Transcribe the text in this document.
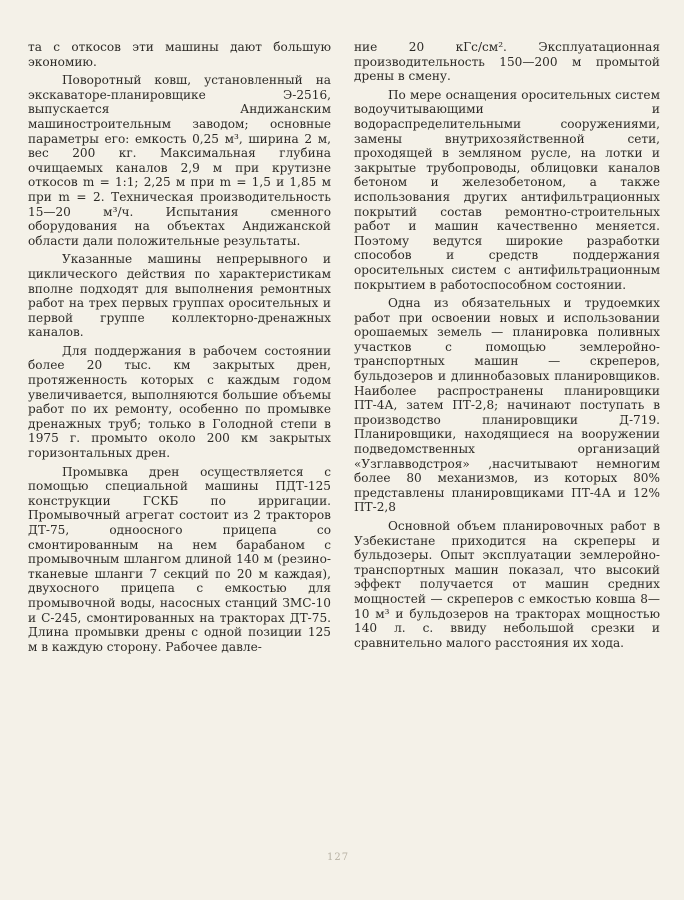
та с откосов эти машины дают большую экономию.

Поворотный ковш, установленный на экскаваторе-планировщике Э-2516, выпускается Андижанским машиностроительным заводом; основные параметры его: емкость 0,25 м³, ширина 2 м, вес 200 кг. Максимальная глубина очищаемых каналов 2,9 м при крутизне откосов m = 1:1; 2,25 м при m = 1,5 и 1,85 м при m = 2. Техническая производительность 15—20 м³/ч. Испытания сменного оборудования на объектах Андижанской области дали положительные результаты.

Указанные машины непрерывного и циклического действия по характеристикам вполне подходят для выполнения ремонтных работ на трех первых группах оросительных и первой группе коллекторно-дренажных каналов.

Для поддержания в рабочем состоянии более 20 тыс. км закрытых дрен, протяженность которых с каждым годом увеличивается, выполняются большие объемы работ по их ремонту, особенно по промывке дренажных труб; только в Голодной степи в 1975 г. промыто около 200 км закрытых горизонтальных дрен.

Промывка дрен осуществляется с помощью специальной машины ПДТ-125 конструкции ГСКБ по ирригации. Промывочный агрегат состоит из 2 тракторов ДТ-75, одноосного прицепа со смонтированным на нем барабаном с промывочным шлангом длиной 140 м (резино-тканевые шланги 7 секций по 20 м каждая), двухосного прицепа с емкостью для промывочной воды, насосных станций ЗМС-10 и С-245, смонтированных на тракторах ДТ-75. Длина промывки дрены с одной позиции 125 м в каждую сторону. Рабочее давле-

ние 20 кГс/см². Эксплуатационная производительность 150—200 м промытой дрены в смену.

По мере оснащения оросительных систем водоучитывающими и водораспределительными сооружениями, замены внутрихозяйственной сети, проходящей в земляном русле, на лотки и закрытые трубопроводы, облицовки каналов бетоном и железобетоном, а также использования других антифильтрационных покрытий состав ремонтно-строительных работ и машин качественно меняется. Поэтому ведутся широкие разработки способов и средств поддержания оросительных систем с антифильтрационным покрытием в работоспособном состоянии.

Одна из обязательных и трудоемких работ при освоении новых и использовании орошаемых земель — планировка поливных участков с помощью землеройно-транспортных машин — скреперов, бульдозеров и длиннобазовых планировщиков. Наиболее распространены планировщики ПТ-4А, затем ПТ-2,8; начинают поступать в производство планировщики Д-719. Планировщики, находящиеся на вооружении подведомственных организаций «Узглавводстроя» ,насчитывают немногим более 80 механизмов, из которых 80% представлены планировщиками ПТ-4А и 12% ПТ-2,8

Основной объем планировочных работ в Узбекистане приходится на скреперы и бульдозеры. Опыт эксплуатации землеройно-транспортных машин показал, что высокий эффект получается от машин средних мощностей — скреперов с емкостью ковша 8—10 м³ и бульдозеров на тракторах мощностью 140 л. с. ввиду небольшой срезки и сравнительно малого расстояния их хода.

127
